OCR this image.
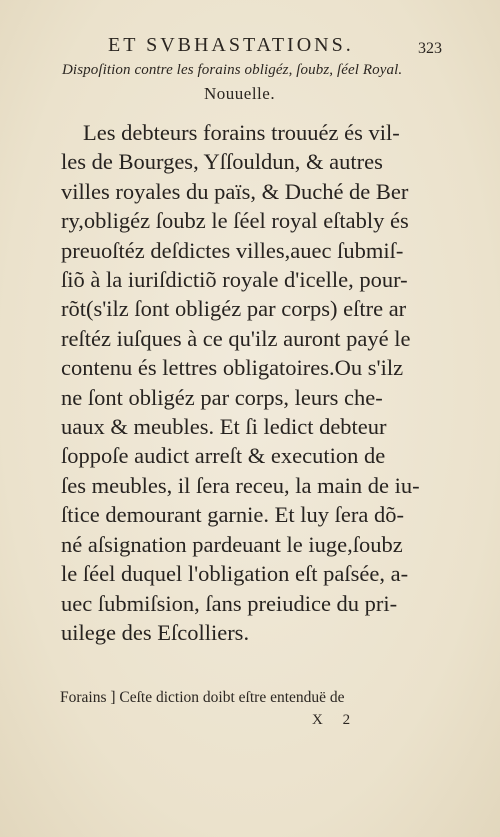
ET SVBHASTATIONS.	323
Dispoſition contre les forains obligéz, ſoubz, ſéel Royal.
Nouuelle.
Les debteurs forains trouuéz és vil-
les de Bourges, Yſſouldun, & autres
villes royales du païs, & Duché de Ber
ry,obligéz ſoubz le ſéel royal eſtably és
preuoſtéz deſdictes villes,auec ſubmiſ-
ſiõ à la iuriſdictiõ royale d'icelle, pour-
rõt(s'ilz ſont obligéz par corps) eſtre ar
reſtéz iuſques à ce qu'ilz auront payé le
contenu és lettres obligatoires.Ou s'ilz
ne ſont obligéz par corps, leurs che-
uaux & meubles. Et ſi ledict debteur
ſoppoſe audict arreſt & execution de
ſes meubles, il ſera receu, la main de iu-
ſtice demourant garnie. Et luy ſera dõ-
né aſsignation pardeuant le iuge,ſoubz
le ſéel duquel l'obligation eſt paſsée, a-
uec ſubmiſsion, ſans preiudice du pri-
uilege des Eſcolliers.
Forains ] Ceſte diction doibt eſtre entenduë de
X 2
